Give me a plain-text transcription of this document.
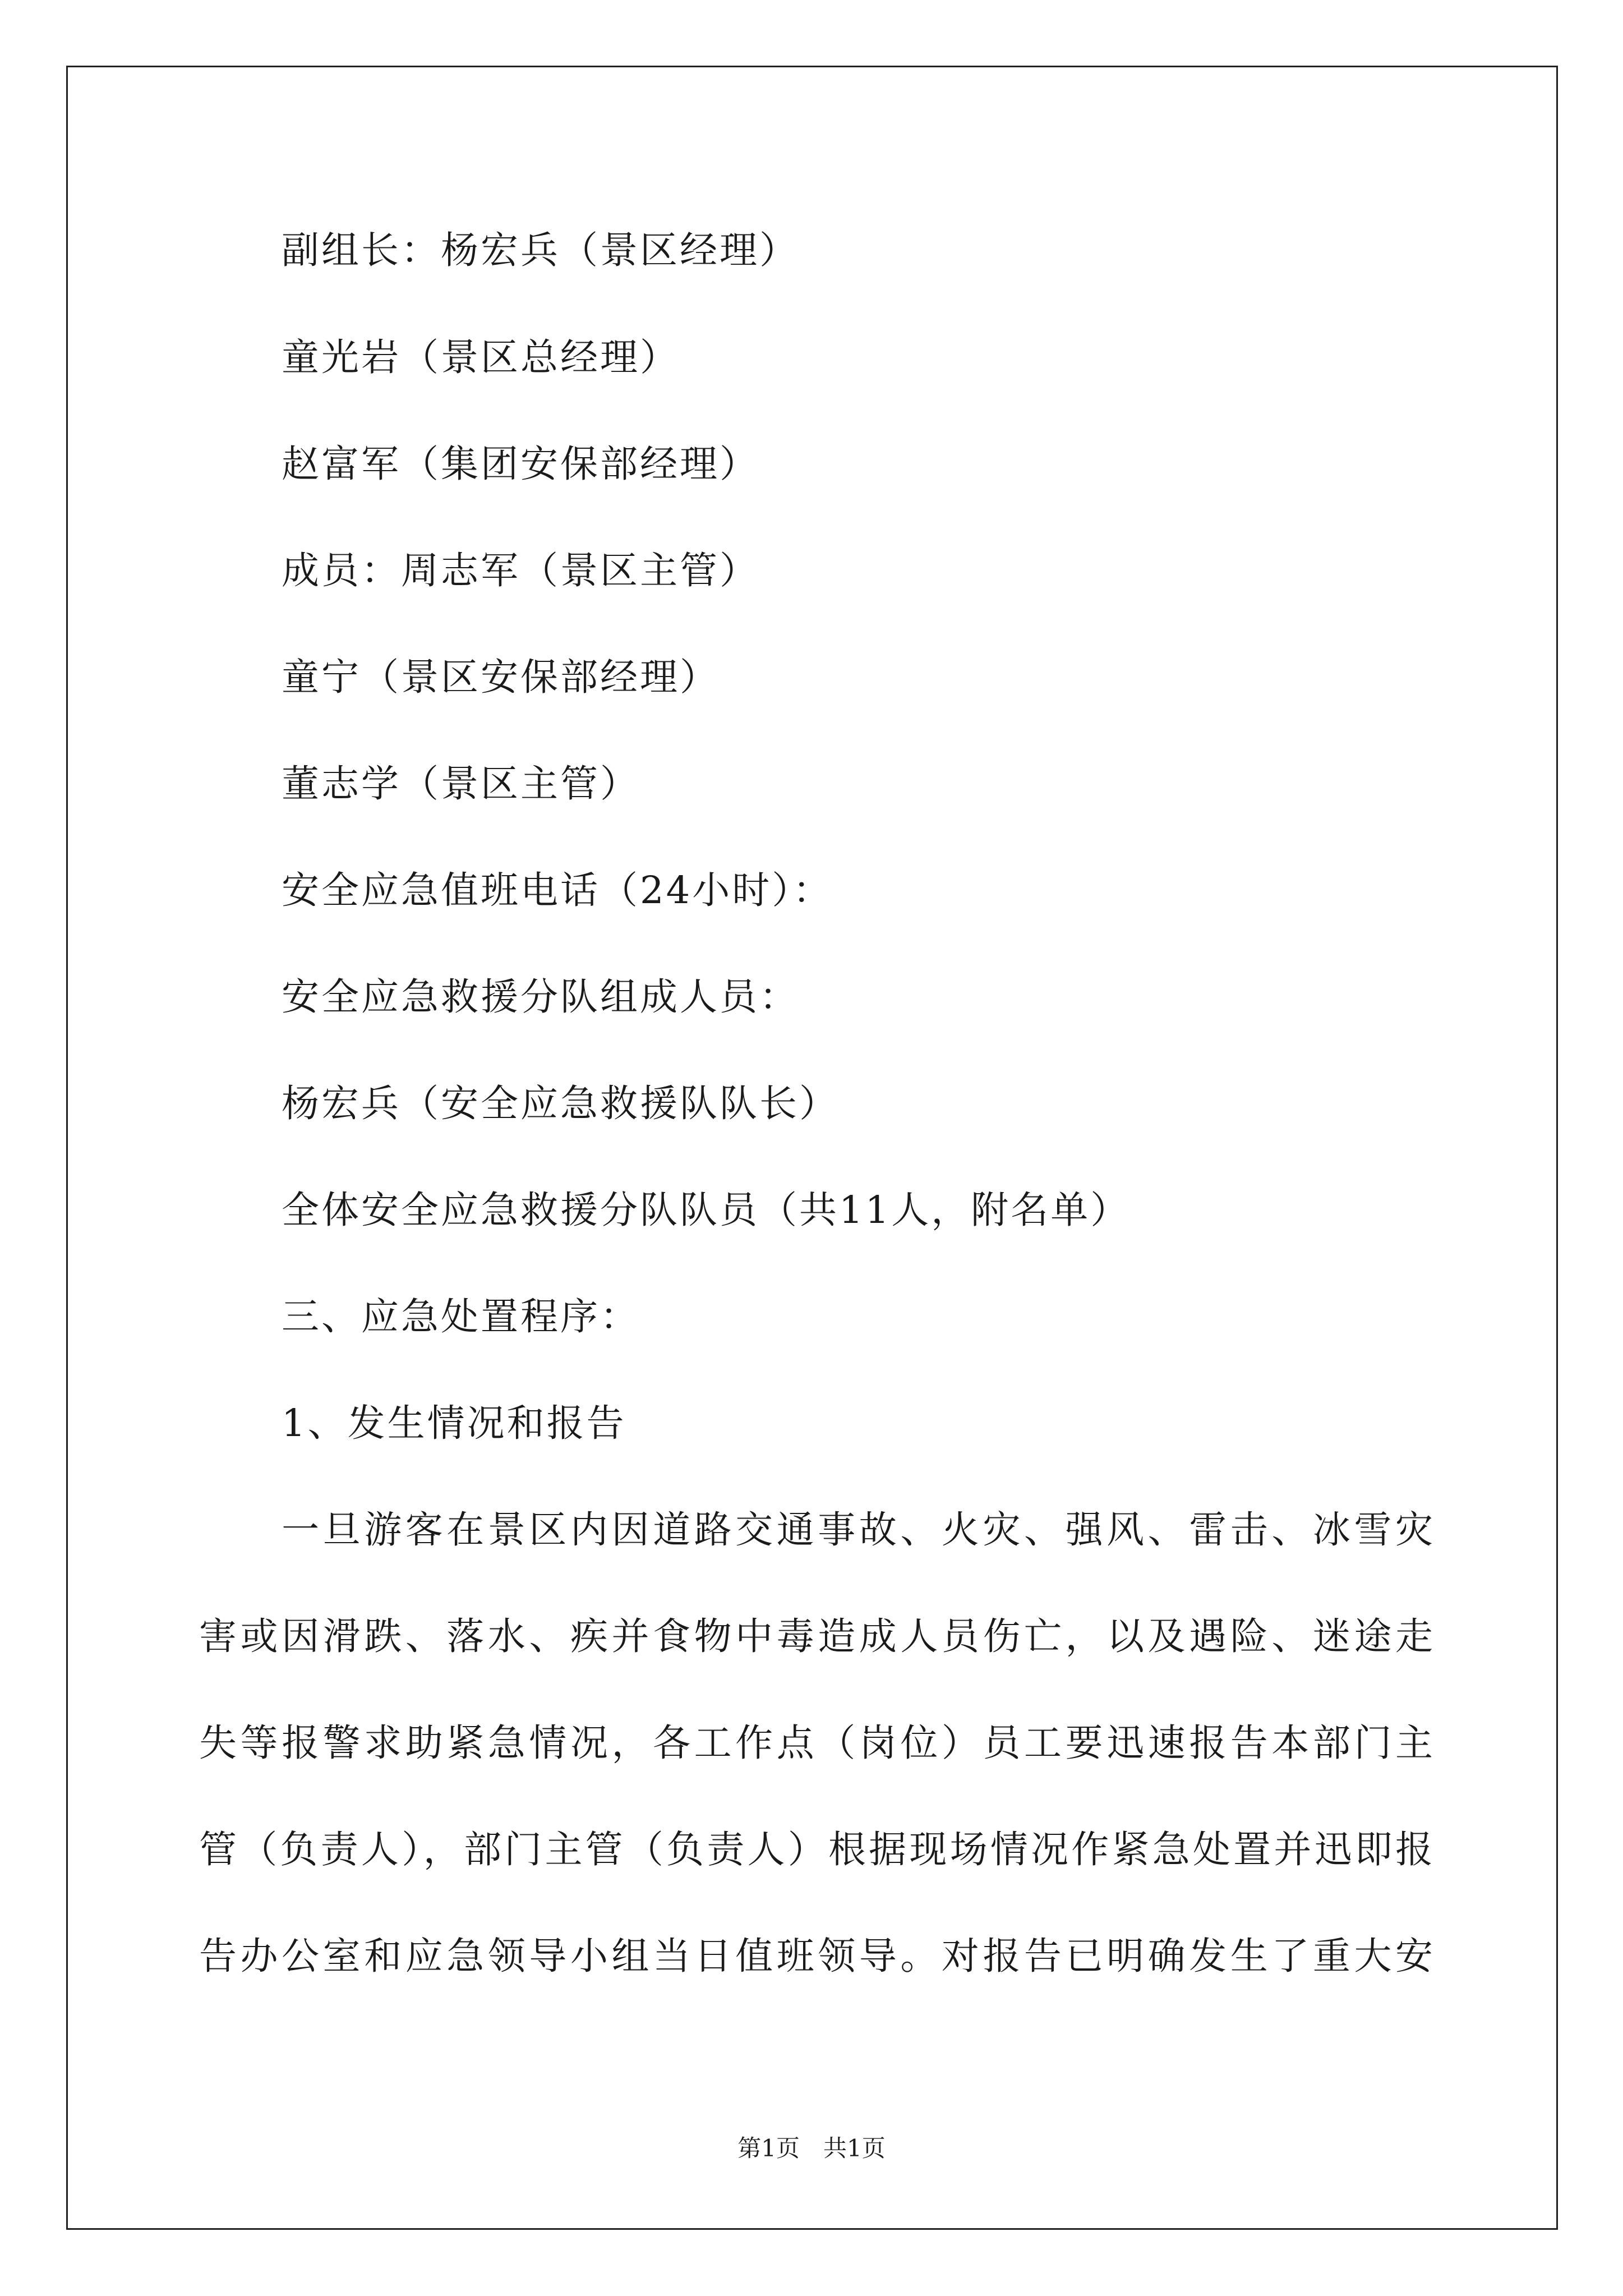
副组长：杨宏兵（景区经理）
童光岩（景区总经理）
赵富军（集团安保部经理）
成员：周志军（景区主管）
童宁（景区安保部经理）
董志学（景区主管）
安全应急值班电话（24小时）：
安全应急救援分队组成人员：
杨宏兵（安全应急救援队队长）
全体安全应急救援分队队员（共11人，附名单）
三、应急处置程序：
1、发生情况和报告
　　一旦游客在景区内因道路交通事故、火灾、强风、雷击、冰雪灾
害或因滑跌、落水、疾并食物中毒造成人员伤亡，以及遇险、迷途走
失等报警求助紧急情况，各工作点（岗位）员工要迅速报告本部门主
管（负责人），部门主管（负责人）根据现场情况作紧急处置并迅即报
告办公室和应急领导小组当日值班领导。对报告已明确发生了重大安
第1页　共1页
